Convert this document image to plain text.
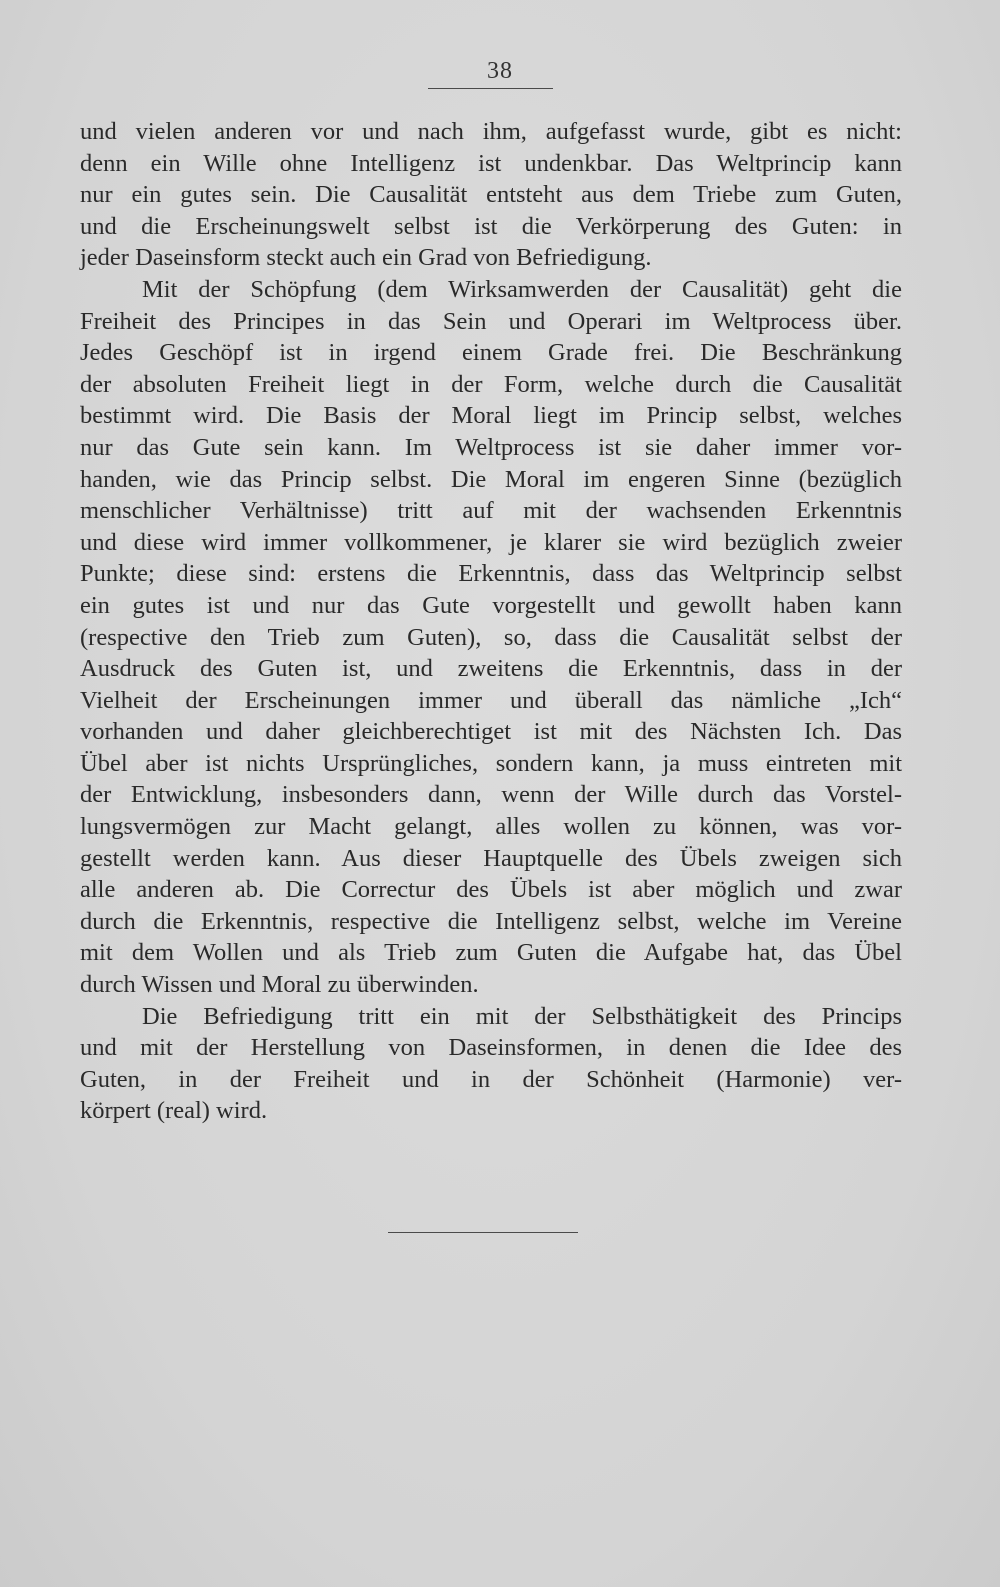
38
und vielen anderen vor und nach ihm, aufgefasst wurde, gibt es nicht:
denn ein Wille ohne Intelligenz ist undenkbar. Das Weltprincip kann
nur ein gutes sein. Die Causalität entsteht aus dem Triebe zum Guten,
und die Erscheinungswelt selbst ist die Verkörperung des Guten: in
jeder Daseinsform steckt auch ein Grad von Befriedigung.
Mit der Schöpfung (dem Wirksamwerden der Causalität) geht die
Freiheit des Principes in das Sein und Operari im Weltprocess über.
Jedes Geschöpf ist in irgend einem Grade frei. Die Beschränkung
der absoluten Freiheit liegt in der Form, welche durch die Causalität
bestimmt wird. Die Basis der Moral liegt im Princip selbst, welches
nur das Gute sein kann. Im Weltprocess ist sie daher immer vor-
handen, wie das Princip selbst. Die Moral im engeren Sinne (bezüglich
menschlicher Verhältnisse) tritt auf mit der wachsenden Erkenntnis
und diese wird immer vollkommener, je klarer sie wird bezüglich zweier
Punkte; diese sind: erstens die Erkenntnis, dass das Weltprincip selbst
ein gutes ist und nur das Gute vorgestellt und gewollt haben kann
(respective den Trieb zum Guten), so, dass die Causalität selbst der
Ausdruck des Guten ist, und zweitens die Erkenntnis, dass in der
Vielheit der Erscheinungen immer und überall das nämliche „Ich“
vorhanden und daher gleichberechtiget ist mit des Nächsten Ich. Das
Übel aber ist nichts Ursprüngliches, sondern kann, ja muss eintreten mit
der Entwicklung, insbesonders dann, wenn der Wille durch das Vorstel-
lungsvermögen zur Macht gelangt, alles wollen zu können, was vor-
gestellt werden kann. Aus dieser Hauptquelle des Übels zweigen sich
alle anderen ab. Die Correctur des Übels ist aber möglich und zwar
durch die Erkenntnis, respective die Intelligenz selbst, welche im Vereine
mit dem Wollen und als Trieb zum Guten die Aufgabe hat, das Übel
durch Wissen und Moral zu überwinden.
Die Befriedigung tritt ein mit der Selbsthätigkeit des Princips
und mit der Herstellung von Daseinsformen, in denen die Idee des
Guten, in der Freiheit und in der Schönheit (Harmonie) ver-
körpert (real) wird.
